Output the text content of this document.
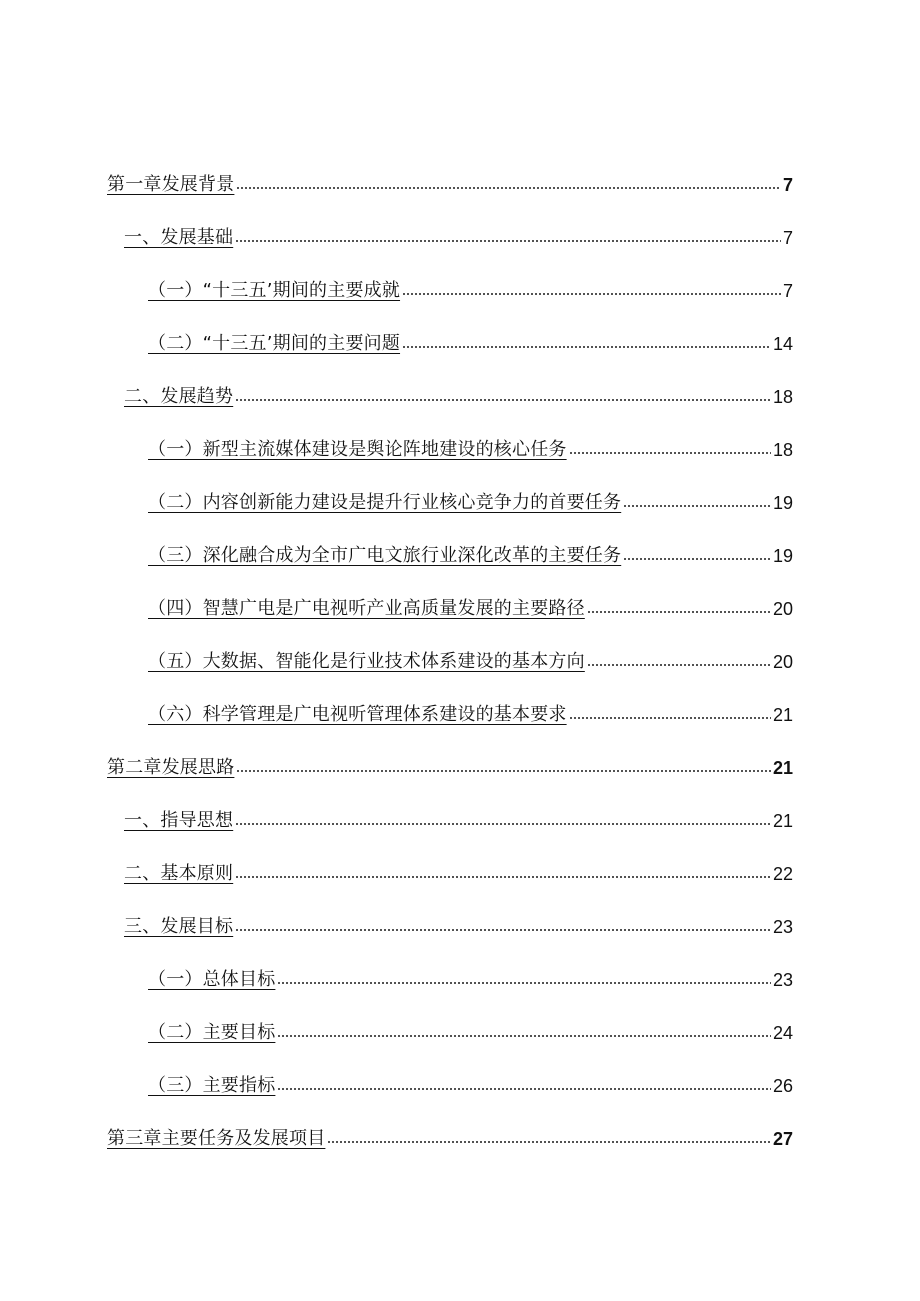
第一章发展背景	7
一、发展基础	7
（一）“十三五’期间的主要成就	7
（二）“十三五’期间的主要问题	14
二、发展趋势	18
（一）新型主流媒体建设是舆论阵地建设的核心任务	18
（二）内容创新能力建设是提升行业核心竞争力的首要任务	19
（三）深化融合成为全市广电文旅行业深化改革的主要任务	19
（四）智慧广电是广电视听产业高质量发展的主要路径	20
（五）大数据、智能化是行业技术体系建设的基本方向	20
（六）科学管理是广电视听管理体系建设的基本要求	21
第二章发展思路	21
一、指导思想	21
二、基本原则	22
三、发展目标	23
（一）总体目标	23
（二）主要目标	24
（三）主要指标	26
第三章主要任务及发展项目	27
